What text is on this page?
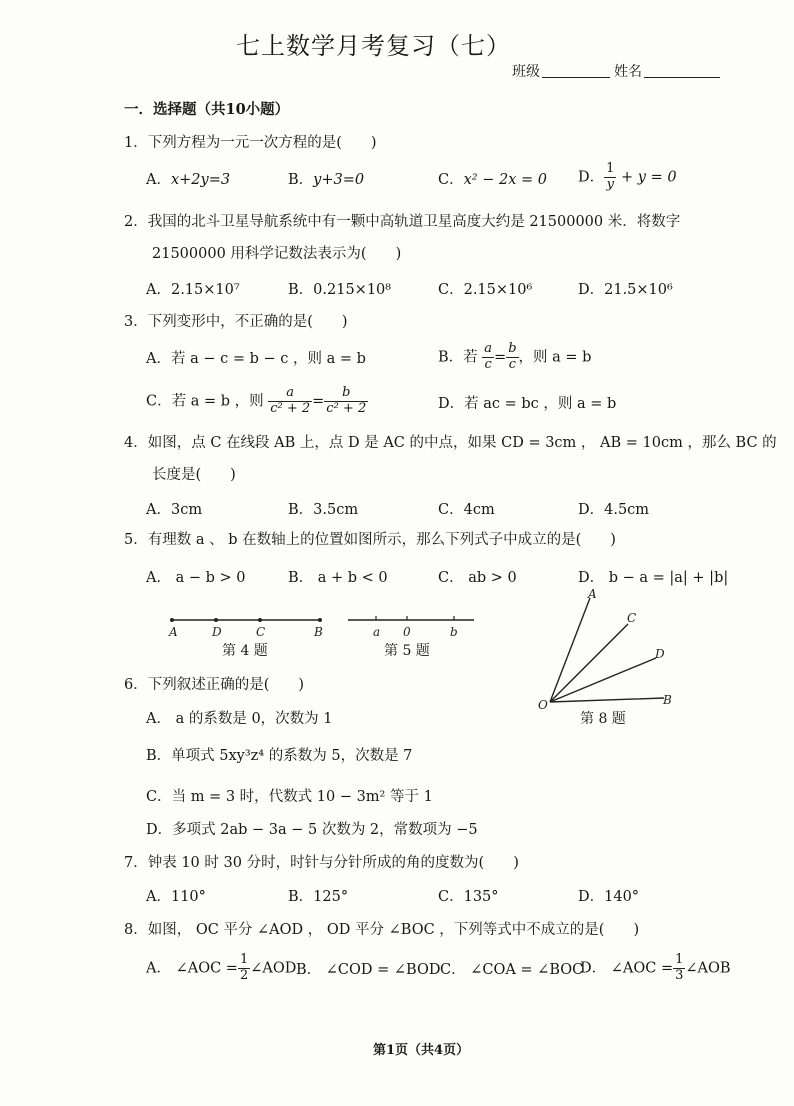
七上数学月考复习（七）
班级	姓名
一．选择题（共10小题）
1．下列方程为一元一次方程的是(　　)
A．x+2y=3	B．y+3=0	C．x² − 2x = 0 D． $\frac{1}{y} + y = 0$
2．我国的北斗卫星导航系统中有一颗中高轨道卫星高度大约是 21500000 米．将数字
21500000 用科学记数法表示为(　　)
A．2.15×10⁷	B．0.215×10⁸	C．2.15×10⁶	D．21.5×10⁶
3．下列变形中，不正确的是(　　)
A．若 a − c = b − c ，则 a = b	B．若 $\frac{a}{c} = \frac{b}{c}$ ，则 a = b
C．若 a = b ，则 $\frac{a}{\text{c² + 2}} = \frac{b}{\text{c² + 2}}$	D．若 ac = bc ，则 a = b
4．如图，点 C 在线段 AB 上，点 D 是 AC 的中点，如果 CD = 3cm ， AB = 10cm ，那么 BC 的
长度是(　　)
A．3cm	B．3.5cm	C．4cm	D．4.5cm
5．有理数 a 、 b 在数轴上的位置如图所示，那么下列式子中成立的是(　　)
A． a − b > 0	B． a + b < 0	C． ab > 0	D． b − a = |a| + |b|
A	D	C	B
第 4 题
a 0	b
第 5 题
A
C
D
O	B
第 8 题
6．下列叙述正确的是(　　)
A． a 的系数是 0，次数为 1
B．单项式 5xy³z⁴ 的系数为 5，次数是 7
C．当 m = 3 时，代数式 10 − 3m² 等于 1
D．多项式 2ab − 3a − 5 次数为 2，常数项为 −5
7．钟表 10 时 30 分时，时针与分针所成的角的度数为(　　)
A．110°	B．125°	C．135°	D．140°
8．如图， OC 平分 ∠AOD ， OD 平分 ∠BOC ，下列等式中不成立的是(　　)
A． ∠AOC = $\frac{1}{2}$ ∠AOD B． ∠COD = ∠BOD C． ∠COA = ∠BOC
D． ∠AOC = $\frac{1}{3}$ ∠AOB
第1页（共4页）
